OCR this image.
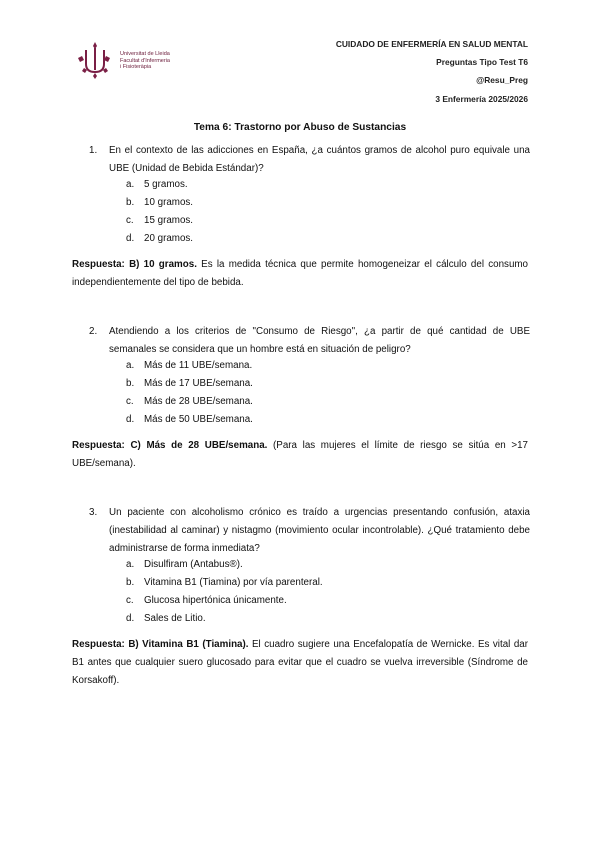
Universitat de Lleida
Facultat d'Infermeria
i Fisioteràpia
CUIDADO DE ENFERMERÍA EN SALUD MENTAL
Preguntas Tipo Test T6
@Resu_Preg
3 Enfermería 2025/2026
Tema 6: Trastorno por Abuso de Sustancias
1. En el contexto de las adicciones en España, ¿a cuántos gramos de alcohol puro equivale una UBE (Unidad de Bebida Estándar)?
a. 5 gramos.
b. 10 gramos.
c. 15 gramos.
d. 20 gramos.
Respuesta: B) 10 gramos. Es la medida técnica que permite homogeneizar el cálculo del consumo independientemente del tipo de bebida.
2. Atendiendo a los criterios de "Consumo de Riesgo", ¿a partir de qué cantidad de UBE semanales se considera que un hombre está en situación de peligro?
a. Más de 11 UBE/semana.
b. Más de 17 UBE/semana.
c. Más de 28 UBE/semana.
d. Más de 50 UBE/semana.
Respuesta: C) Más de 28 UBE/semana. (Para las mujeres el límite de riesgo se sitúa en >17 UBE/semana).
3. Un paciente con alcoholismo crónico es traído a urgencias presentando confusión, ataxia (inestabilidad al caminar) y nistagmo (movimiento ocular incontrolable). ¿Qué tratamiento debe administrarse de forma inmediata?
a. Disulfiram (Antabus®).
b. Vitamina B1 (Tiamina) por vía parenteral.
c. Glucosa hipertónica únicamente.
d. Sales de Litio.
Respuesta: B) Vitamina B1 (Tiamina). El cuadro sugiere una Encefalopatía de Wernicke. Es vital dar B1 antes que cualquier suero glucosado para evitar que el cuadro se vuelva irreversible (Síndrome de Korsakoff).
